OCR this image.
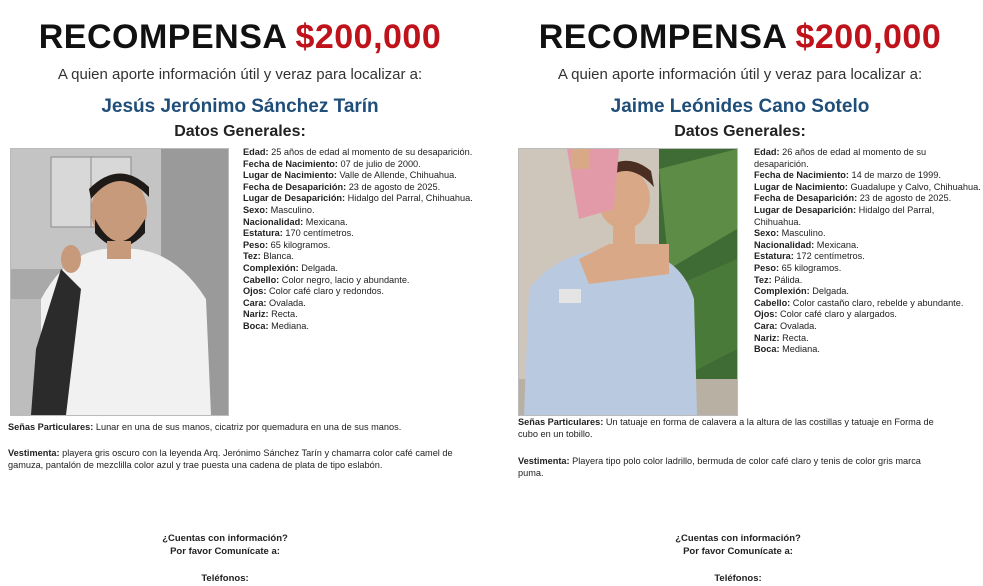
RECOMPENSA $200,000
A quien aporte información útil y veraz para localizar a:
Jesús Jerónimo Sánchez Tarín
Datos Generales:
Edad: 25 años de edad al momento de su desaparición.
Fecha de Nacimiento: 07 de julio de 2000.
Lugar de Nacimiento: Valle de Allende, Chihuahua.
Fecha de Desaparición: 23 de agosto de 2025.
Lugar de Desaparición: Hidalgo del Parral, Chihuahua.
Sexo: Masculino.
Nacionalidad: Mexicana.
Estatura: 170 centímetros.
Peso: 65 kilogramos.
Tez: Blanca.
Complexión: Delgada.
Cabello: Color negro, lacio y abundante.
Ojos: Color café claro y redondos.
Cara: Ovalada.
Nariz: Recta.
Boca: Mediana.
Señas Particulares: Lunar en una de sus manos, cicatriz por quemadura en una de sus manos.
Vestimenta: playera gris oscuro con la leyenda Arq. Jerónimo Sánchez Tarín y chamarra color café camel de gamuza, pantalón de mezclilla color azul y trae puesta una cadena de plata de tipo eslabón.
¿Cuentas con información?
Por favor Comunícate a:
Teléfonos:
RECOMPENSA $200,000
A quien aporte información útil y veraz para localizar a:
Jaime Leónides Cano Sotelo
Datos Generales:
Edad: 26 años de edad al momento de su desaparición.
Fecha de Nacimiento: 14 de marzo de 1999.
Lugar de Nacimiento: Guadalupe y Calvo, Chihuahua.
Fecha de Desaparición: 23 de agosto de 2025.
Lugar de Desaparición: Hidalgo del Parral, Chihuahua.
Sexo: Masculino.
Nacionalidad: Mexicana.
Estatura: 172 centímetros.
Peso: 65 kilogramos.
Tez: Pálida.
Complexión: Delgada.
Cabello: Color castaño claro, rebelde y abundante.
Ojos: Color café claro y alargados.
Cara: Ovalada.
Nariz: Recta.
Boca: Mediana.
Señas Particulares: Un tatuaje en forma de calavera a la altura de las costillas y tatuaje en Forma de cubo en un tobillo.
Vestimenta: Playera tipo polo color ladrillo, bermuda de color café claro y tenis de color gris marca puma.
¿Cuentas con información?
Por favor Comunícate a:
Teléfonos:
